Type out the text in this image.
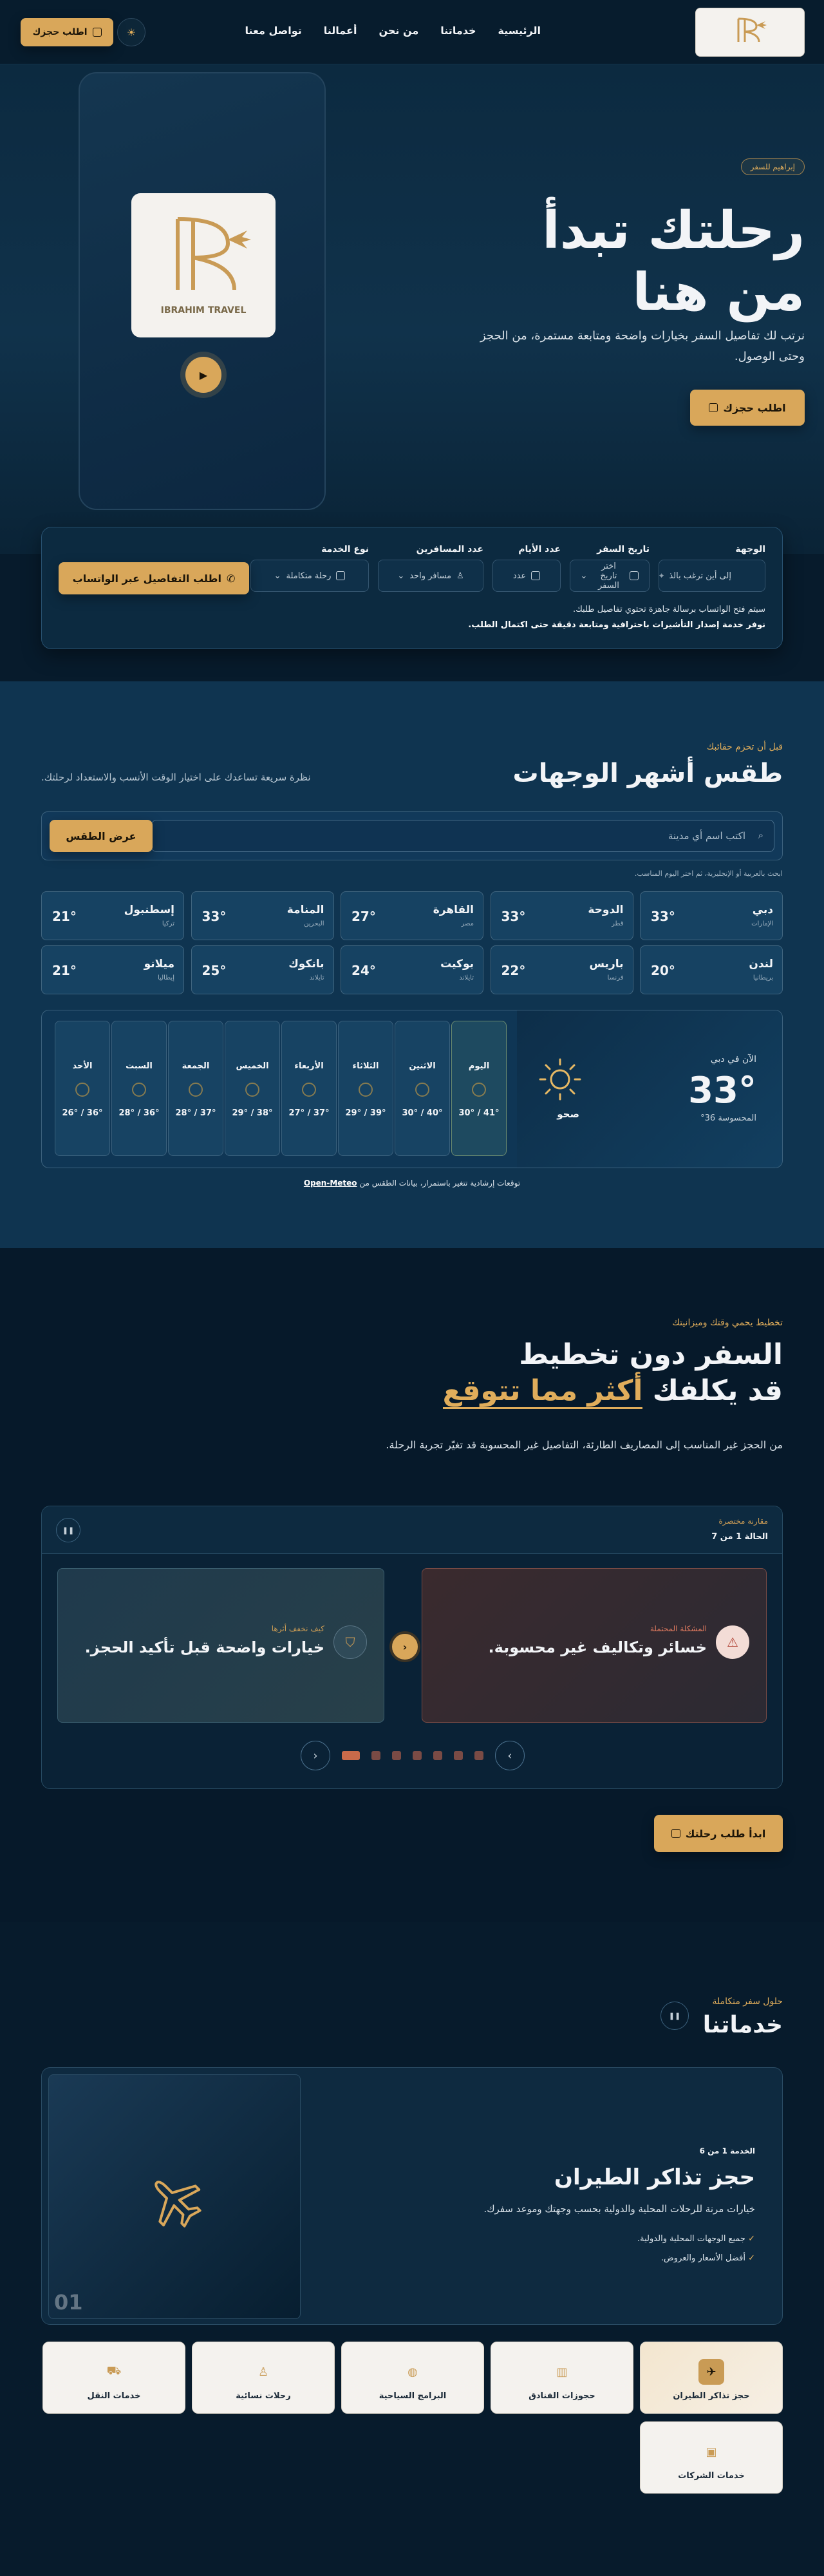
الرئيسية
خدماتنا
من نحن
أعمالنا
تواصل معنا
☀
اطلب حجزك
IBRAHIM TRAVEL
▶
إبراهيم للسفر
رحلتك تبدأ من هنا

نرتب لك تفاصيل السفر بخيارات واضحة ومتابعة مستمرة، من الحجز وحتى الوصول.

اطلب حجزك
الوجهة
إلى أين ترغب بالذ
⌖
تاريخ السفر
اختر تاريخ السفر
⌄
عدد الأيام
عدد
عدد المسافرين
♙
مسافر واحد
⌄
نوع الخدمة
رحلة متكاملة
⌄
✆
اطلب التفاصيل عبر الواتساب

سيتم فتح الواتساب برسالة جاهزة تحتوي تفاصيل طلبك.

نوفر خدمة إصدار التأشيرات باحترافية ومتابعة دقيقة حتى اكتمال الطلب.

قبل أن تحزم حقائبك

طقس أشهر الوجهات

نظرة سريعة تساعدك على اختيار الوقت الأنسب والاستعداد لرحلتك.

⌕
اكتب اسم أي مدينة
عرض الطقس

ابحث بالعربية أو الإنجليزية، ثم اختر اليوم المناسب.

دبي
الإمارات
33°
الدوحة
قطر
33°
القاهرة
مصر
27°
المنامة
البحرين
33°
إسطنبول
تركيا
21°
لندن
بريطانيا
20°
باريس
فرنسا
22°
بوكيت
تايلاند
24°
بانكوك
تايلاند
25°
ميلانو
إيطاليا
21°

الآن في دبي

33°

المحسوسة 36°

صحو

اليوم

41° / 30°

الاثنين

40° / 30°

الثلاثاء

39° / 29°

الأربعاء

37° / 27°

الخميس

38° / 29°

الجمعة

37° / 28°

السبت

36° / 28°

الأحد

36° / 26°

توقعات إرشادية تتغير باستمرار، بيانات الطقس من Open-Meteo

تخطيط يحمي وقتك وميزانيتك

السفر دون تخطيط
قد يكلفك أكثر مما تتوقع

من الحجز غير المناسب إلى المصاريف الطارئة، التفاصيل غير المحسوبة قد تغيّر تجربة الرحلة.

مقارنة مختصرة

الحالة 1 من 7

❚❚
⚠

المشكلة المحتملة

خسائر وتكاليف غير محسوبة.

‹
⛉

كيف نخفف أثرها

خيارات واضحة قبل تأكيد الحجز.

›
‹
ابدأ طلب رحلتك

حلول سفر متكاملة

خدماتنا
❚❚
01

الخدمة 1 من 6

حجز تذاكر الطيران

خيارات مرنة للرحلات المحلية والدولية بحسب وجهتك وموعد سفرك.

✓ جميع الوجهات المحلية والدولية.

✓ أفضل الأسعار والعروض.

✈

حجز تذاكر الطيران

▥

حجوزات الفنادق

◍

البرامج السياحية

♙

رحلات نسائية

⛟

خدمات النقل

▣

خدمات الشركات
